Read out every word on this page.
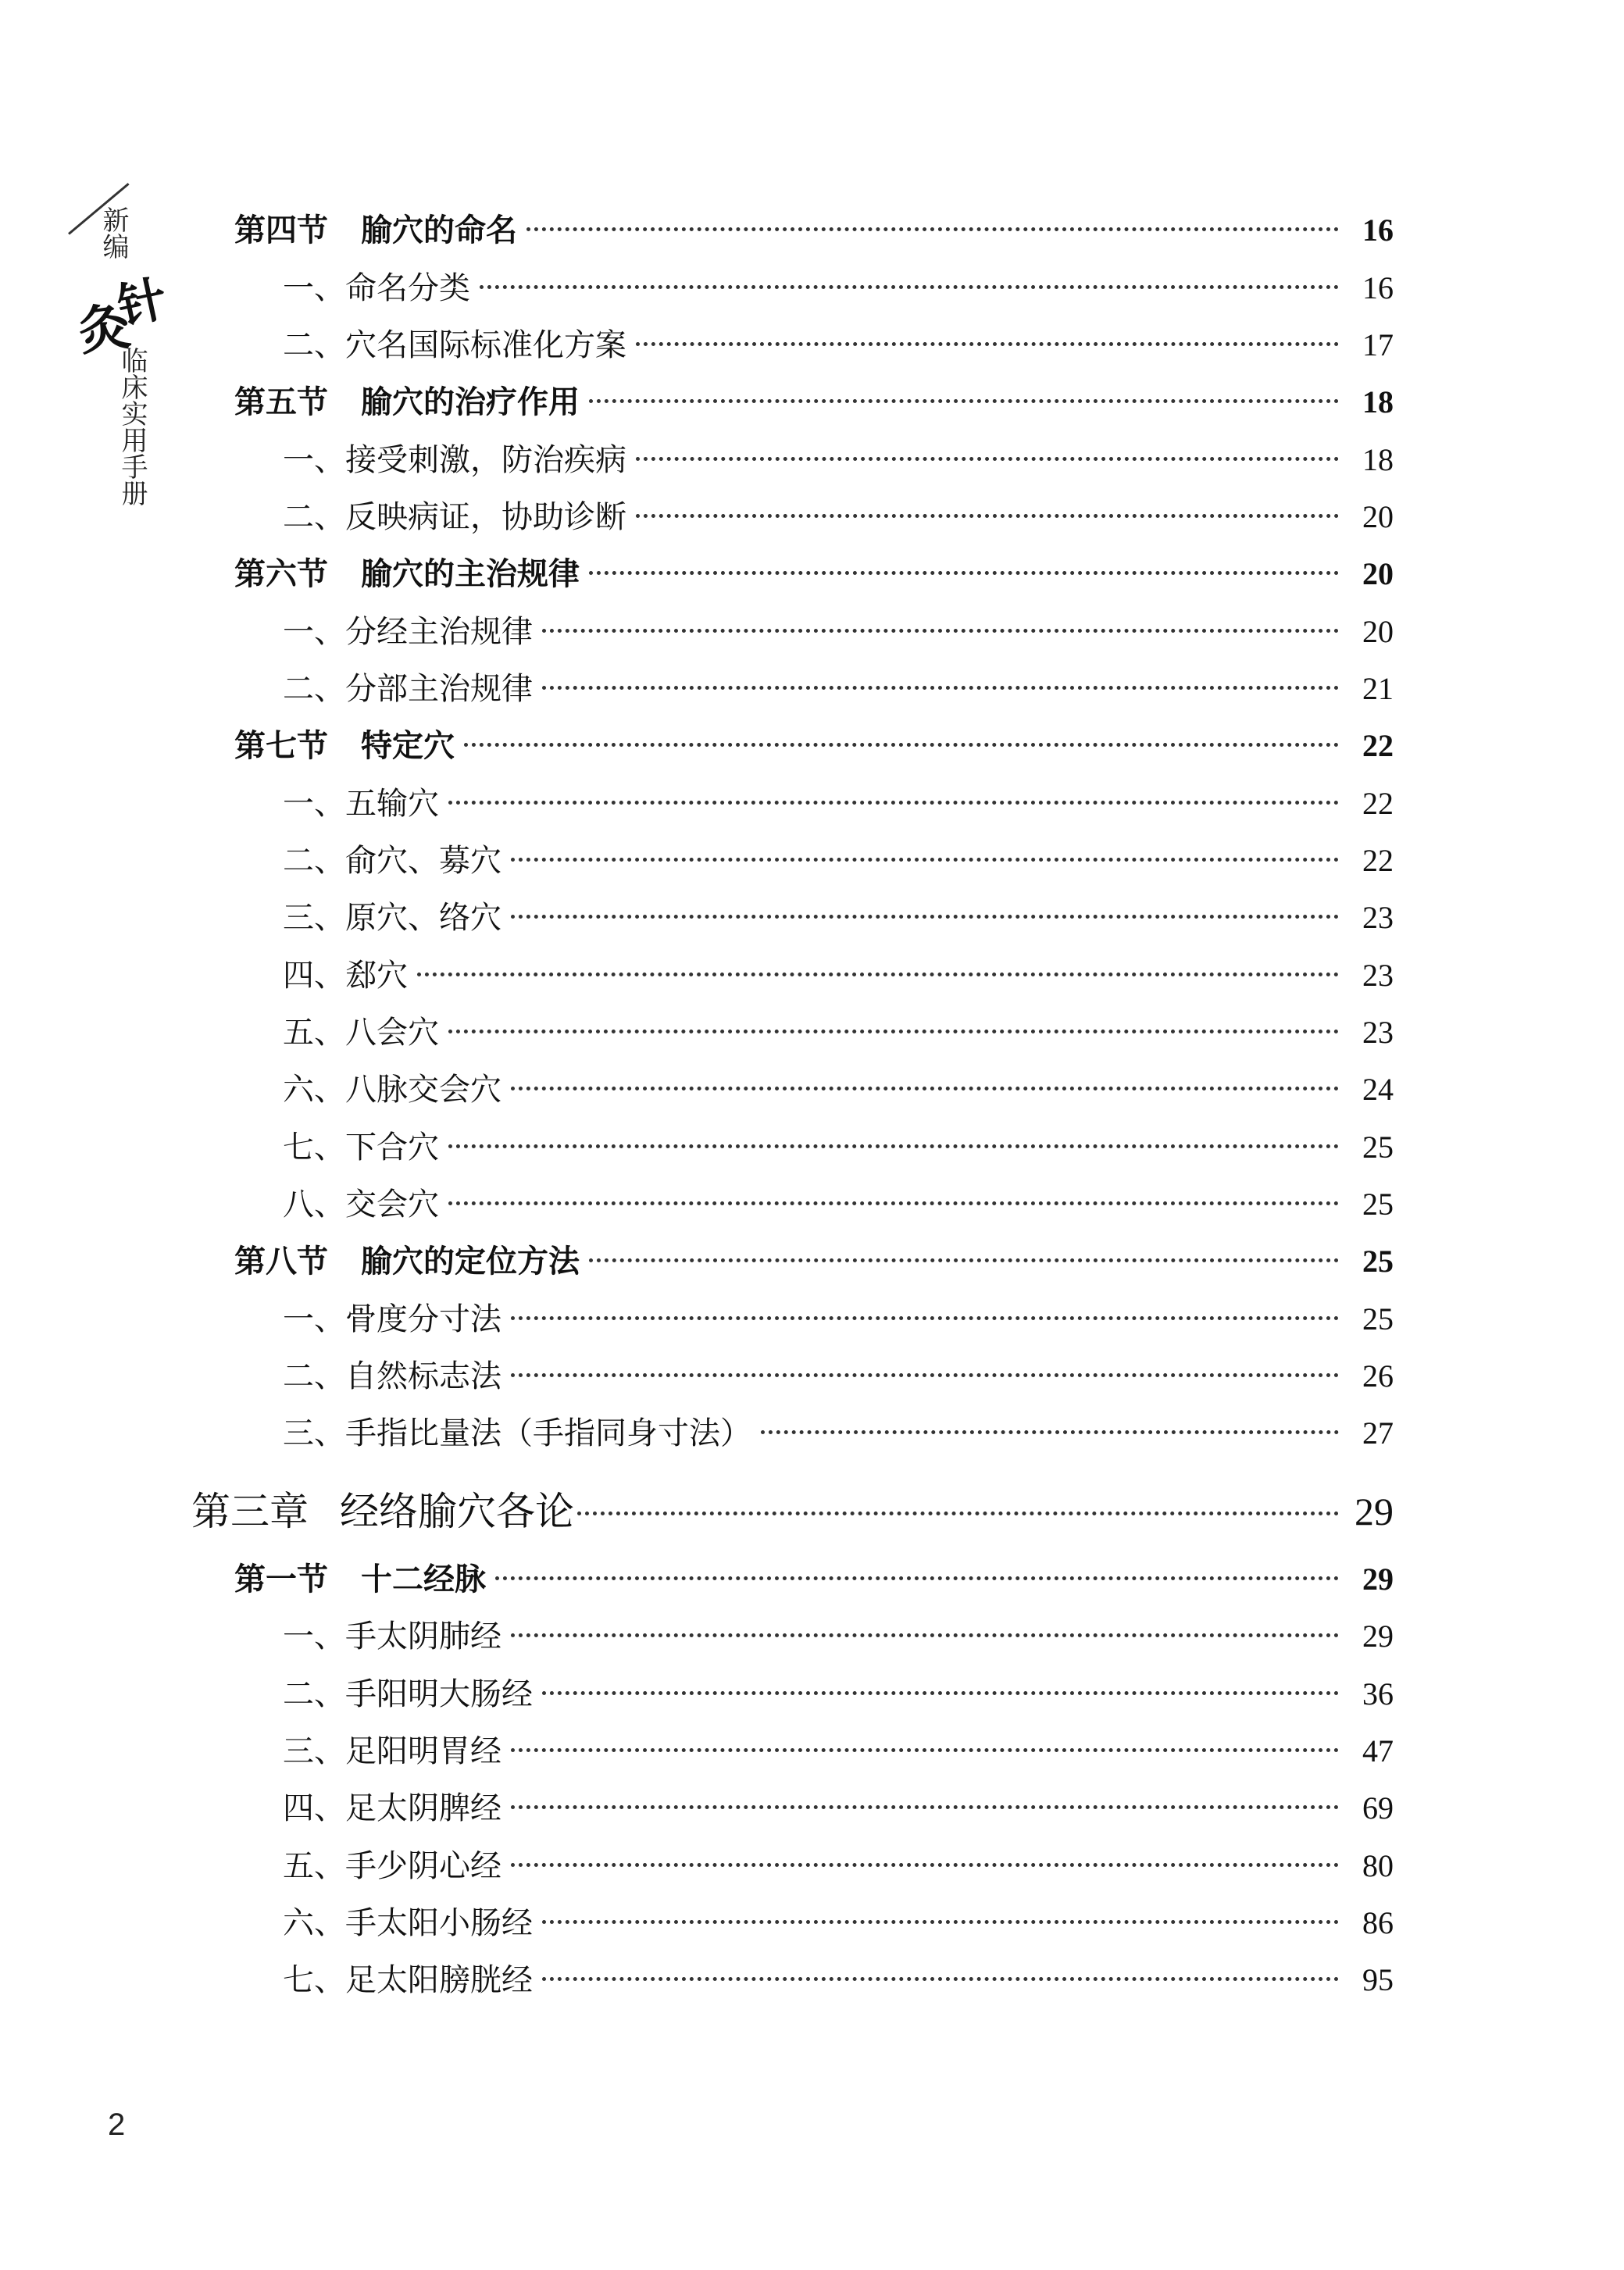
新编
灸
针
临床实用手册
第四节 腧穴的命名	16
一、命名分类	16
二、穴名国际标准化方案	17
第五节 腧穴的治疗作用	18
一、接受刺激，防治疾病	18
二、反映病证，协助诊断	20
第六节 腧穴的主治规律	20
一、分经主治规律	20
二、分部主治规律	21
第七节 特定穴	22
一、五输穴	22
二、俞穴、募穴	22
三、原穴、络穴	23
四、郄穴	23
五、八会穴	23
六、八脉交会穴	24
七、下合穴	25
八、交会穴	25
第八节 腧穴的定位方法	25
一、骨度分寸法	25
二、自然标志法	26
三、手指比量法（手指同身寸法）	27
第三章 经络腧穴各论	29
第一节 十二经脉	29
一、手太阴肺经	29
二、手阳明大肠经	36
三、足阳明胃经	47
四、足太阴脾经	69
五、手少阴心经	80
六、手太阳小肠经	86
七、足太阳膀胱经	95
2
